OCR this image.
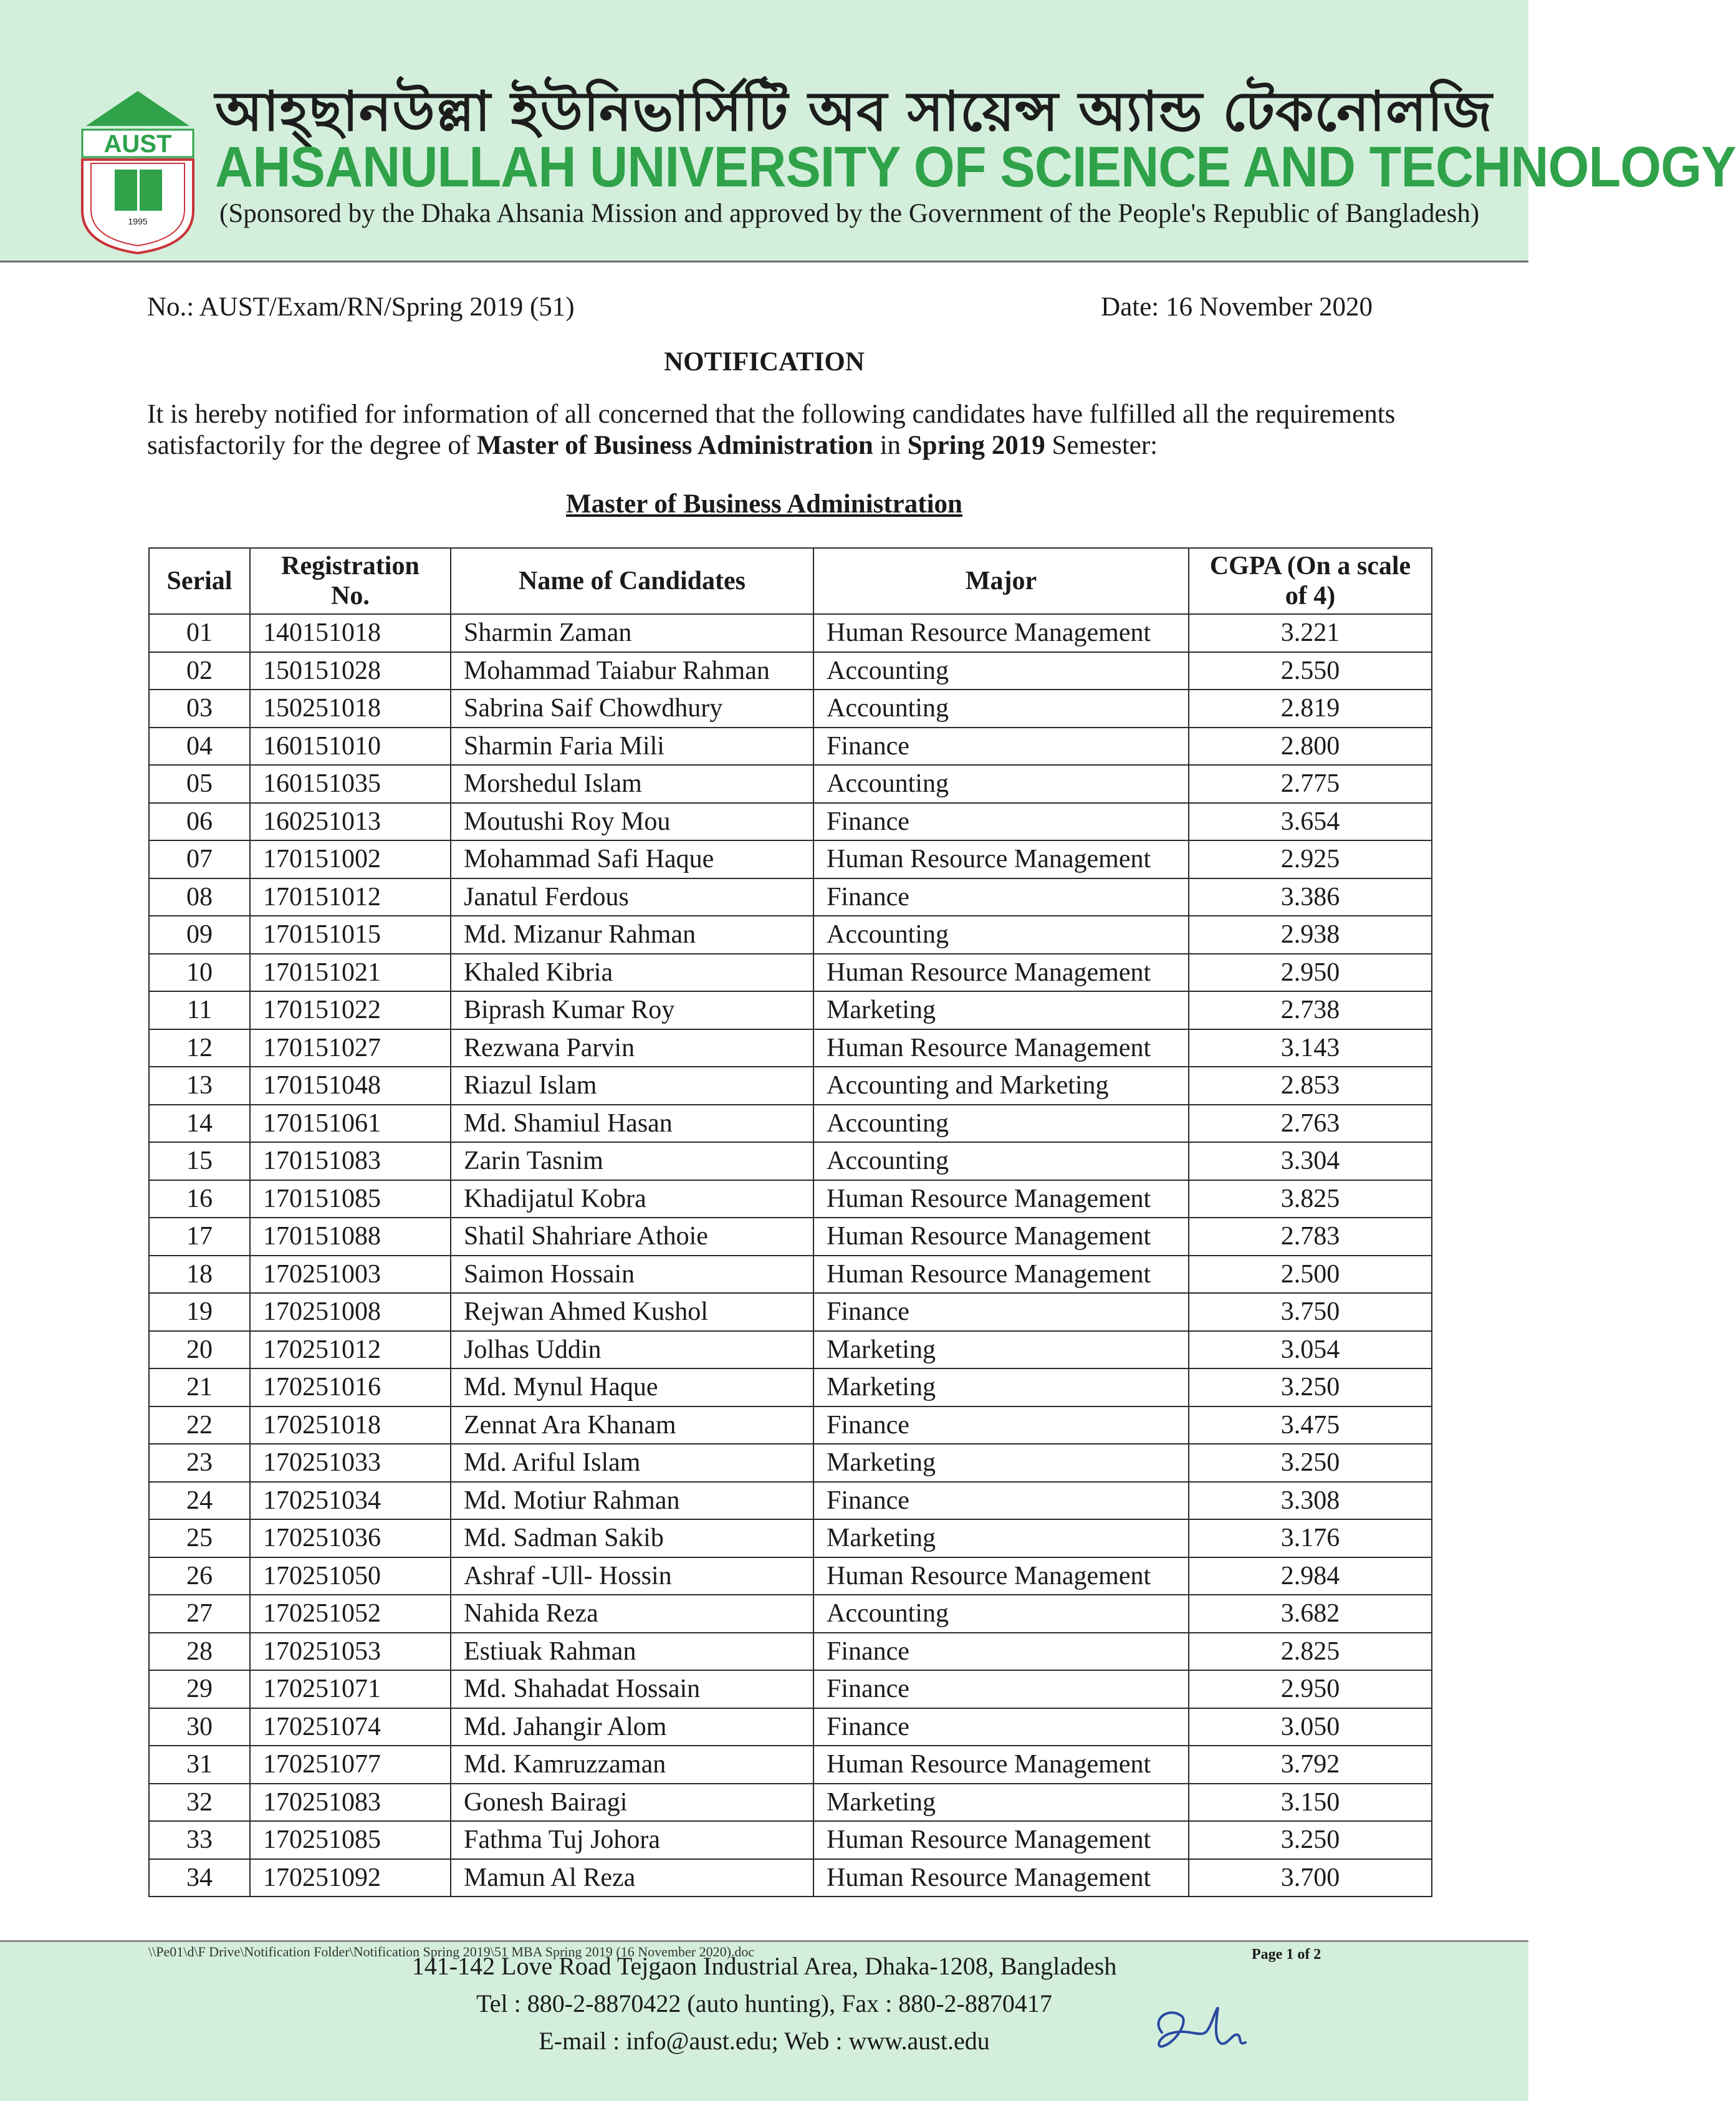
AUST
1995
আহ্ছানউল্লা ইউনিভার্সিটি অব সায়েন্স অ্যান্ড টেকনোলজি
AHSANULLAH UNIVERSITY OF SCIENCE AND TECHNOLOGY
(Sponsored by the Dhaka Ahsania Mission and approved by the Government of the People's Republic of Bangladesh)
No.: AUST/Exam/RN/Spring 2019 (51)	Date: 16 November 2020
NOTIFICATION
It is hereby notified for information of all concerned that the following candidates have fulfilled all the requirements satisfactorily for the degree of Master of Business Administration in Spring 2019 Semester:
Master of Business Administration
Serial	Registration No.	Name of Candidates	Major	CGPA (On a scale of 4)
01	140151018	Sharmin Zaman	Human Resource Management	3.221
02	150151028	Mohammad Taiabur Rahman	Accounting	2.550
03	150251018	Sabrina Saif Chowdhury	Accounting	2.819
04	160151010	Sharmin Faria Mili	Finance	2.800
05	160151035	Morshedul Islam	Accounting	2.775
06	160251013	Moutushi Roy Mou	Finance	3.654
07	170151002	Mohammad Safi Haque	Human Resource Management	2.925
08	170151012	Janatul Ferdous	Finance	3.386
09	170151015	Md. Mizanur Rahman	Accounting	2.938
10	170151021	Khaled Kibria	Human Resource Management	2.950
11	170151022	Biprash Kumar Roy	Marketing	2.738
12	170151027	Rezwana Parvin	Human Resource Management	3.143
13	170151048	Riazul Islam	Accounting and Marketing	2.853
14	170151061	Md. Shamiul Hasan	Accounting	2.763
15	170151083	Zarin Tasnim	Accounting	3.304
16	170151085	Khadijatul Kobra	Human Resource Management	3.825
17	170151088	Shatil Shahriare Athoie	Human Resource Management	2.783
18	170251003	Saimon Hossain	Human Resource Management	2.500
19	170251008	Rejwan Ahmed Kushol	Finance	3.750
20	170251012	Jolhas Uddin	Marketing	3.054
21	170251016	Md. Mynul Haque	Marketing	3.250
22	170251018	Zennat Ara Khanam	Finance	3.475
23	170251033	Md. Ariful Islam	Marketing	3.250
24	170251034	Md. Motiur Rahman	Finance	3.308
25	170251036	Md. Sadman Sakib	Marketing	3.176
26	170251050	Ashraf -Ull- Hossin	Human Resource Management	2.984
27	170251052	Nahida Reza	Accounting	3.682
28	170251053	Estiuak Rahman	Finance	2.825
29	170251071	Md. Shahadat Hossain	Finance	2.950
30	170251074	Md. Jahangir Alom	Finance	3.050
31	170251077	Md. Kamruzzaman	Human Resource Management	3.792
32	170251083	Gonesh Bairagi	Marketing	3.150
33	170251085	Fathma Tuj Johora	Human Resource Management	3.250
34	170251092	Mamun Al Reza	Human Resource Management	3.700
\\Pe01\d\F Drive\Notification Folder\Notification Spring 2019\51 MBA Spring 2019 (16 November 2020).doc	Page 1 of 2
141-142 Love Road Tejgaon Industrial Area, Dhaka-1208, Bangladesh
Tel : 880-2-8870422 (auto hunting), Fax : 880-2-8870417
E-mail : info@aust.edu; Web : www.aust.edu
